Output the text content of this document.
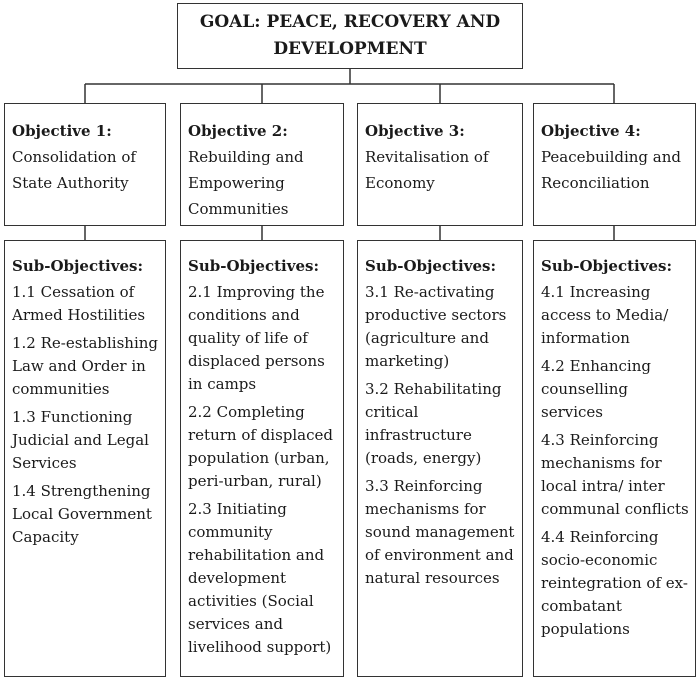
GOAL: PEACE, RECOVERY AND DEVELOPMENT
Objective 1:
Consolidation of State Authority
Objective 2:
Rebuilding and Empowering Communities
Objective 3:
Revitalisation of Economy
Objective 4:
Peacebuilding and Reconciliation
Sub-Objectives:
1.1 Cessation of Armed Hostilities
1.2 Re-establishing Law and Order in communities
1.3 Functioning Judicial and Legal Services
1.4 Strengthening Local Government Capacity
Sub-Objectives:
2.1 Improving the conditions and quality of life of displaced persons in camps
2.2 Completing return of displaced population (urban, peri-urban, rural)
2.3 Initiating community rehabilitation and development activities (Social services and livelihood support)
Sub-Objectives:
3.1 Re-activating productive sectors (agriculture and marketing)
3.2 Rehabilitating critical infrastructure (roads, energy)
3.3 Reinforcing mechanisms for sound management of environment and natural resources
Sub-Objectives:
4.1 Increasing access to Media/ information
4.2 Enhancing counselling services
4.3 Reinforcing mechanisms for local intra/ inter communal conflicts
4.4 Reinforcing socio-economic reintegration of ex-combatant populations
